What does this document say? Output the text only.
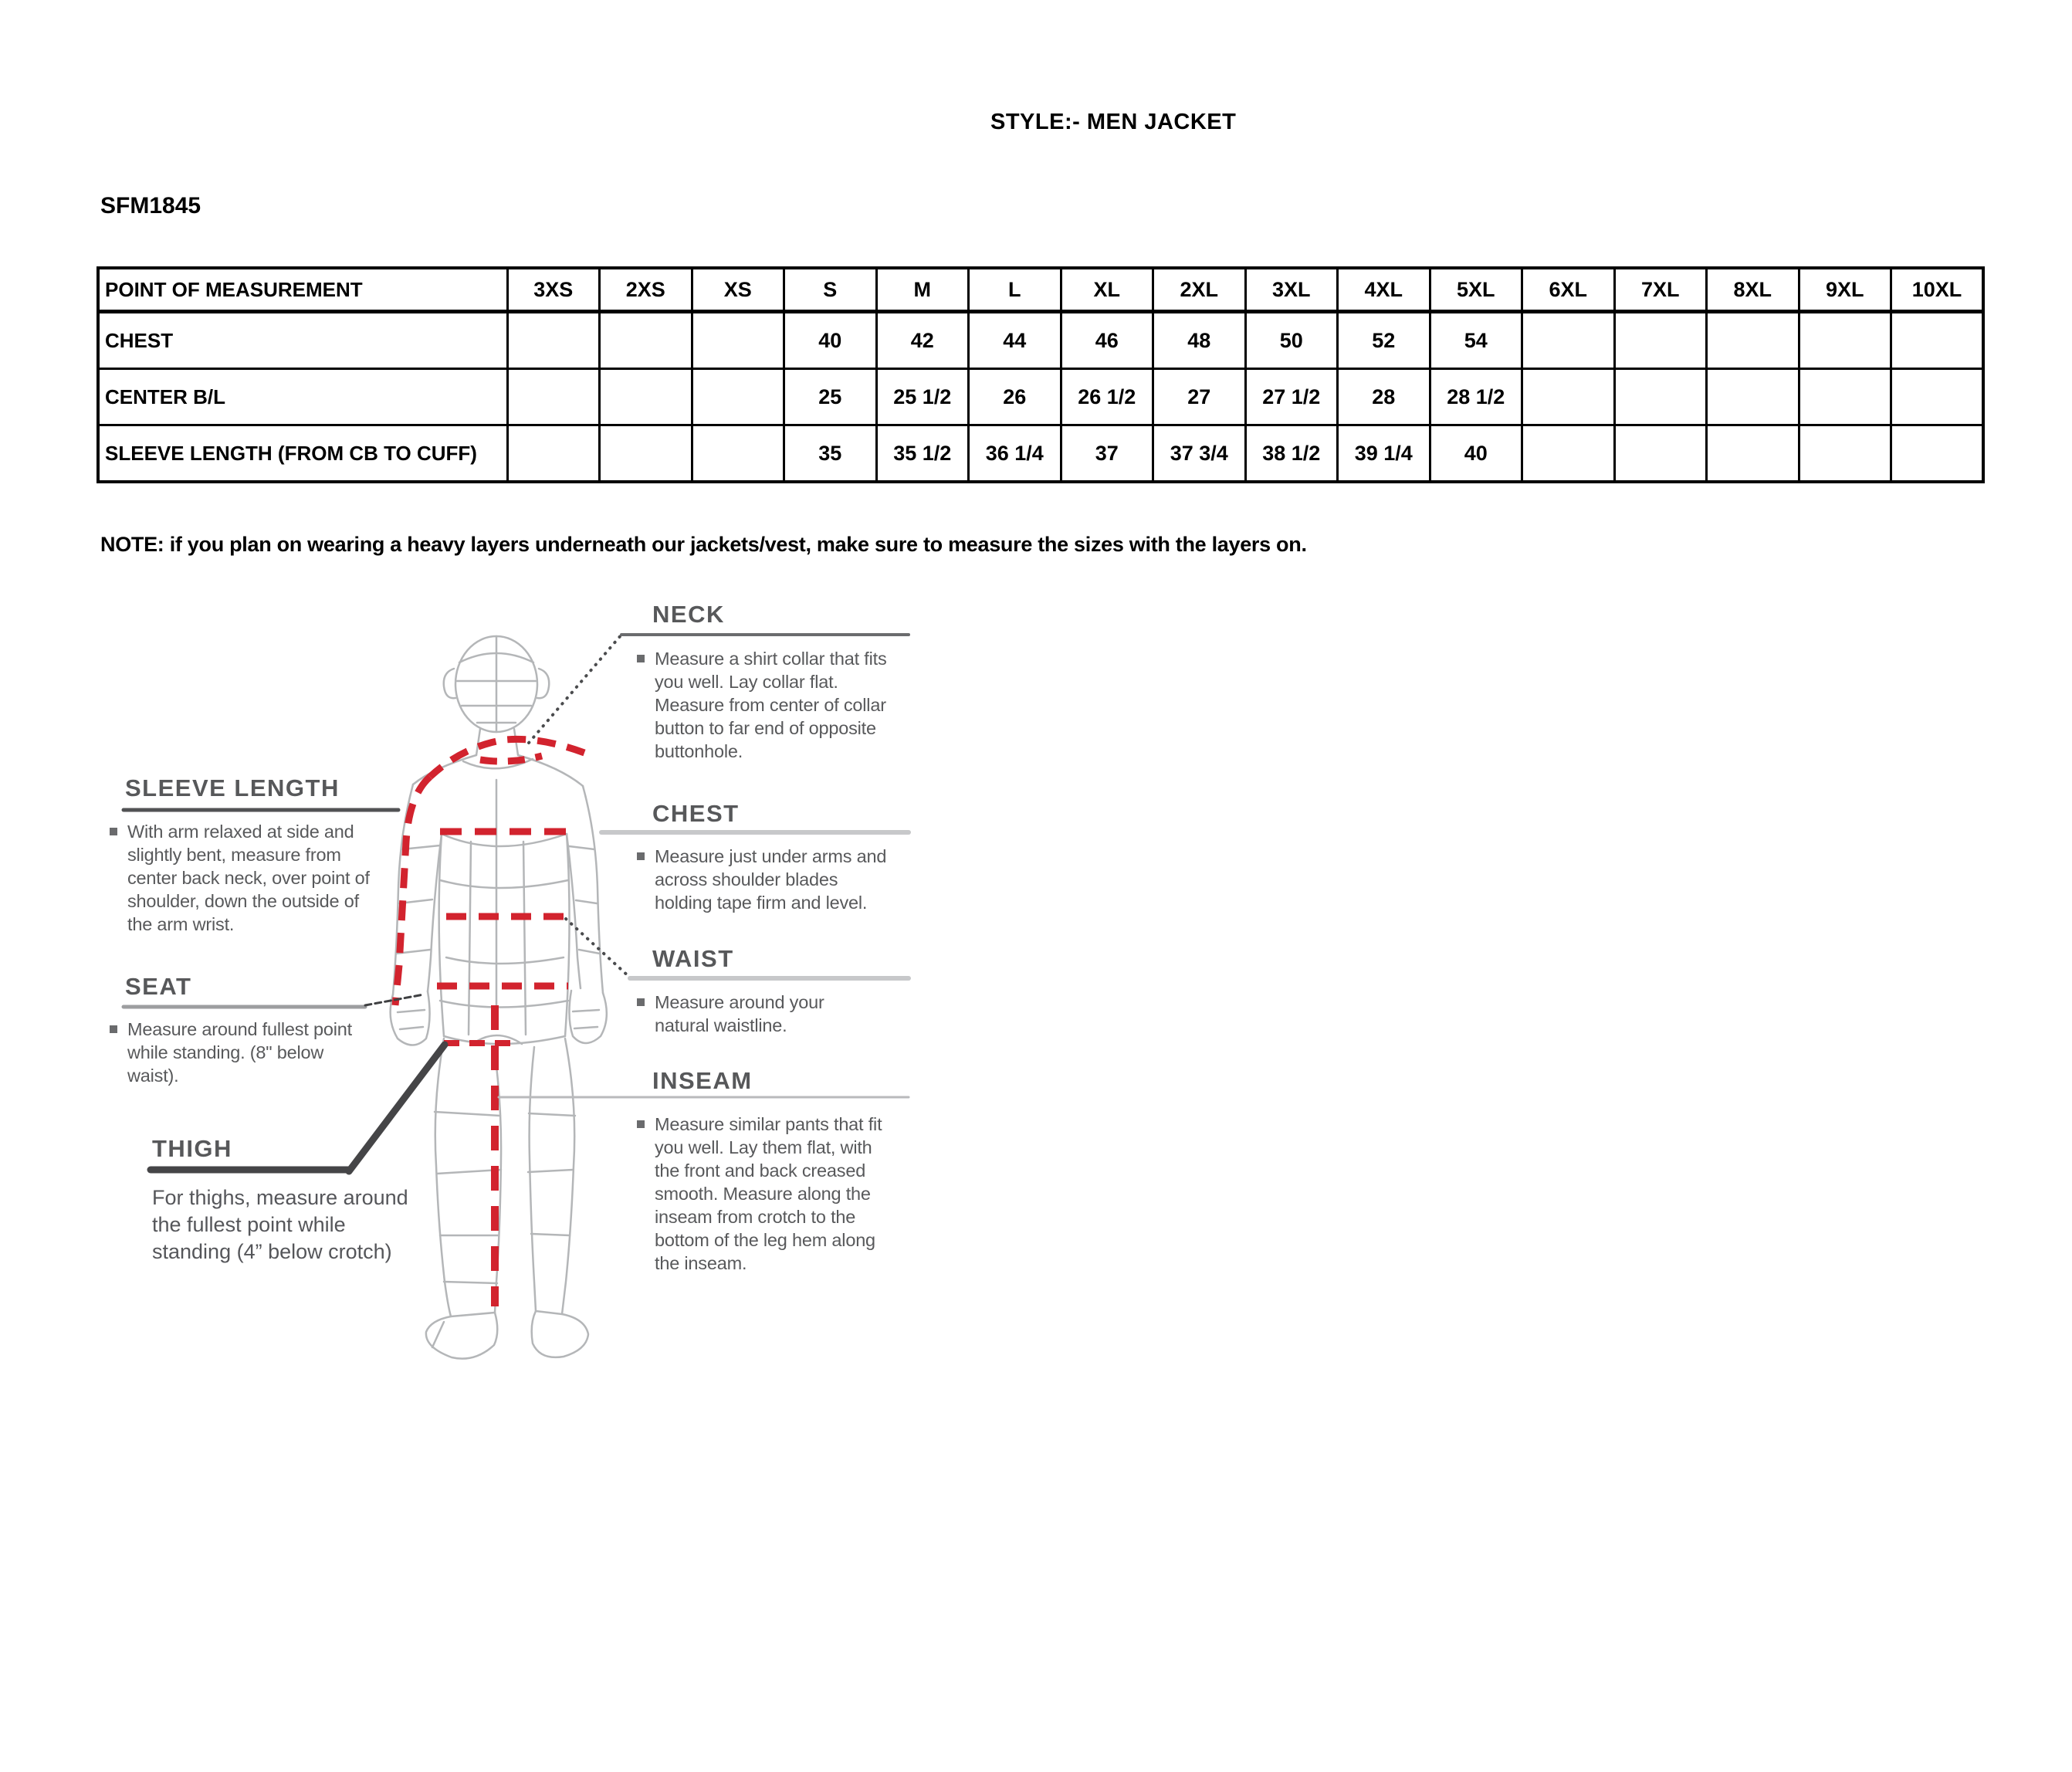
STYLE:- MEN JACKET
SFM1845
NOTE: if you plan on wearing a heavy layers underneath our jackets/vest, make sure to measure the sizes with the layers on.
POINT OF MEASUREMENT	3XS	2XS	XS	S	M	L	XL	2XL	3XL	4XL	5XL	6XL	7XL	8XL	9XL	10XL
CHEST				40	42	44	46	48	50	52	54					
CENTER B/L				25	25 1/2	26	26 1/2	27	27 1/2	28	28 1/2					
SLEEVE LENGTH (FROM CB TO CUFF)				35	35 1/2	36 1/4	37	37 3/4	38 1/2	39 1/4	40					
NECK
Measure a shirt collar that fits you well. Lay collar flat. Measure from center of collar button to far end of opposite buttonhole.
CHEST
Measure just under arms and across shoulder blades holding tape firm and level.
WAIST
Measure around your natural waistline.
INSEAM
Measure similar pants that fit you well. Lay them flat, with the front and back creased smooth. Measure along the inseam from crotch to the bottom of the leg hem along the inseam.
SLEEVE LENGTH
With arm relaxed at side and slightly bent, measure from center back neck, over point of shoulder, down the outside of the arm wrist.
SEAT
Measure around fullest point while standing. (8" below waist).
THIGH
For thighs, measure around the fullest point while standing (4” below crotch)
